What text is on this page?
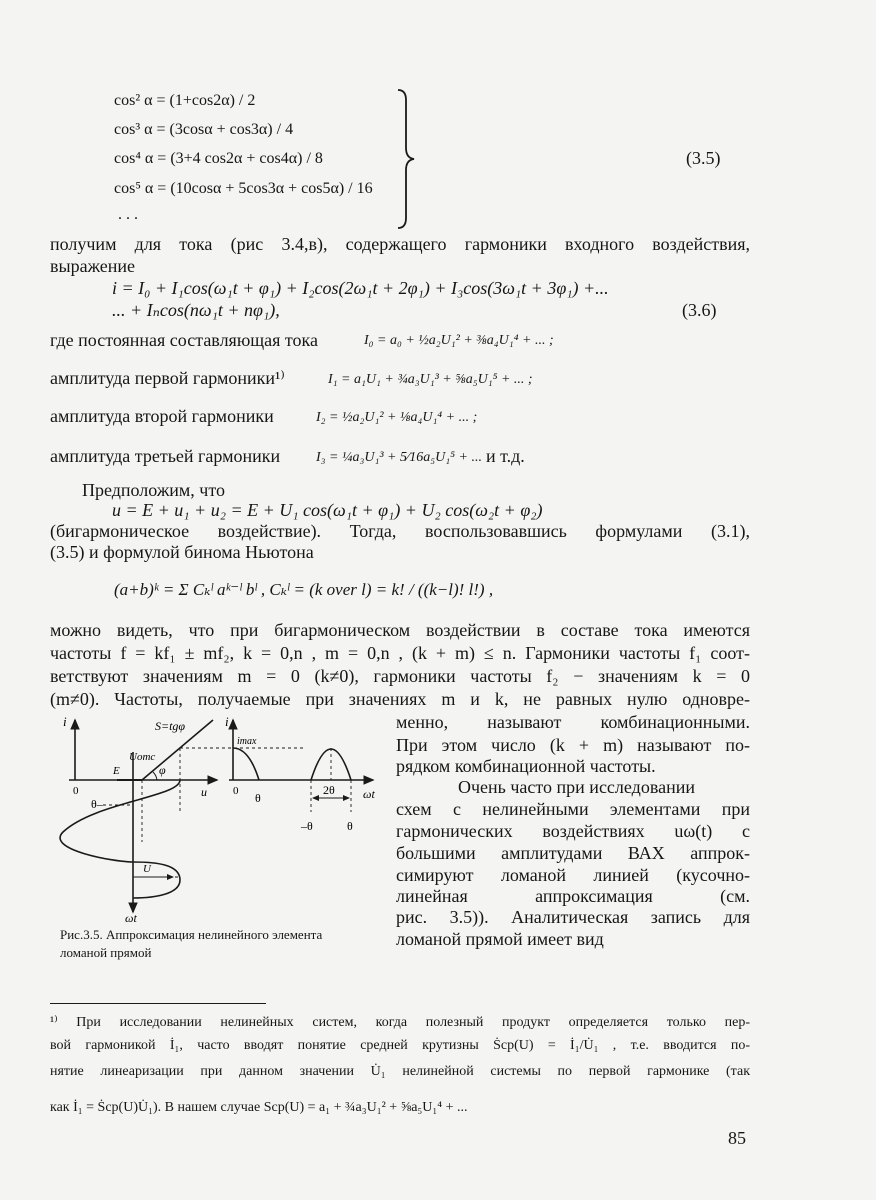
cos² α = (1+cos2α) / 2
cos³ α = (3cosα + cos3α) / 4
cos⁴ α = (3+4 cos2α + cos4α) / 8
cos⁵ α = (10cosα + 5cos3α + cos5α) / 16
. . .
(3.5)
получим для тока (рис 3.4,в), содержащего гармоники входного воздействия,
выражение
i = I₀ + I₁cos(ω₁t + φ₁) + I₂cos(2ω₁t + 2φ₁) + I₃cos(3ω₁t + 3φ₁) +...
... + Iₙcos(nω₁t + nφ₁),	(3.6)
где постоянная составляющая тока	I₀ = a₀ + ½a₂U₁² + ⅜a₄U₁⁴ + ... ;
амплитуда первой гармоники¹⁾	I₁ = a₁U₁ + ¾a₃U₁³ + ⅝a₅U₁⁵ + ... ;
амплитуда второй гармоники	I₂ = ½a₂U₁² + ⅛a₄U₁⁴ + ... ;
амплитуда третьей гармоники	I₃ = ¼a₃U₁³ + 5⁄16a₅U₁⁵ + ... и т.д.
Предположим, что
u = E + u₁ + u₂ = E + U₁ cos(ω₁t + φ₁) + U₂ cos(ω₂t + φ₂)
(бигармоническое воздействие). Тогда, воспользовавшись формулами (3.1),
(3.5) и формулой бинома Ньютона
(a+b)ᵏ = Σ Cₖˡ aᵏ⁻ˡ bˡ , Cₖˡ = (k over l) = k! / ((k−l)! l!) ,
можно видеть, что при бигармоническом воздействии в составе тока имеются
частоты f = kf₁ ± mf₂, k = 0,n , m = 0,n , (k + m) ≤ n. Гармоники частоты f₁ соот-
ветствуют значениям m = 0 (k≠0), гармоники частоты f₂ − значениям k = 0
(m≠0). Частоты, получаемые при значениях m и k, не равных нулю одновре-
i	S=tgφ
Uотс
E	φ
0	u
θ–
U
ωt
i
imax
0 θ
2θ ωt
–θ	θ
Рис.3.5. Аппроксимация нелинейного элемента
ломаной прямой
менно, называют комбинационными.
При этом число (k + m) называют по-
рядком комбинационной частоты.
Очень часто при исследовании
схем с нелинейными элементами при
гармонических воздействиях uω(t) с
большими амплитудами ВАХ аппрок-
симируют ломаной линией (кусочно-
линейная аппроксимация (см.
рис. 3.5)). Аналитическая запись для
ломаной прямой имеет вид
¹⁾ При исследовании нелинейных систем, когда полезный продукт определяется только пер-
вой гармоникой İ₁, часто вводят понятие средней крутизны Ṡср(U) = İ₁/U̇₁ , т.е. вводится по-
нятие линеаризации при данном значении U̇₁ нелинейной системы по первой гармонике (так
как İ₁ = Ṡср(U)U̇₁). В нашем случае Sср(U) = a₁ + ¾a₃U₁² + ⅝a₅U₁⁴ + ...
85
